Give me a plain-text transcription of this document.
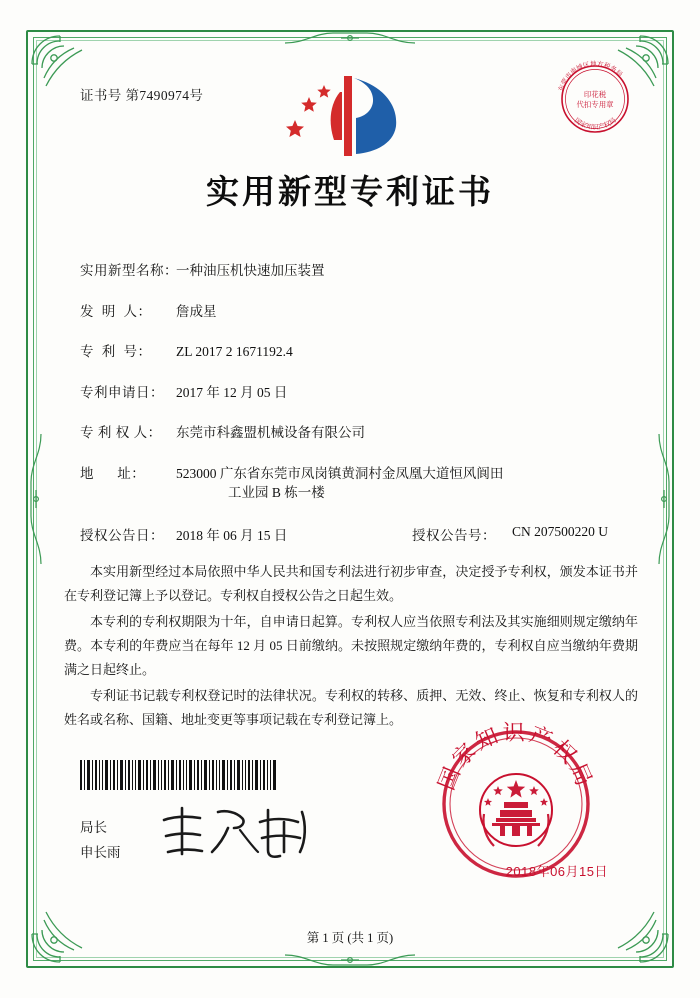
东莞市南城区地方税务局
国家知识产权局
印花税
代扣专用章
证书号 第7490974号
实用新型专利证书
实用新型名称：
一种油压机快速加压装置
发  明  人：	詹成星
专  利  号：	ZL 2017 2 1671192.4
专利申请日： 2017 年 12 月 05 日
专 利 权 人：	东莞市科鑫盟机械设备有限公司
地      址：	523000 广东省东莞市凤岗镇黄洞村金凤凰大道恒风阆田
工业园 B 栋一楼
授权公告日： 2018 年 06 月 15 日	授权公告号：	CN 207500220 U

本实用新型经过本局依照中华人民共和国专利法进行初步审查，决定授予专利权，颁发本证书并在专利登记簿上予以登记。专利权自授权公告之日起生效。

本专利的专利权期限为十年，自申请日起算。专利权人应当依照专利法及其实施细则规定缴纳年费。本专利的年费应当在每年 12 月 05 日前缴纳。未按照规定缴纳年费的，专利权自应当缴纳年费期满之日起终止。

专利证书记载专利权登记时的法律状况。专利权的转移、质押、无效、终止、恢复和专利权人的姓名或名称、国籍、地址变更等事项记载在专利登记簿上。

局长
申长雨
国家知识产权局
2018年06月15日
第 1 页 (共 1 页)
